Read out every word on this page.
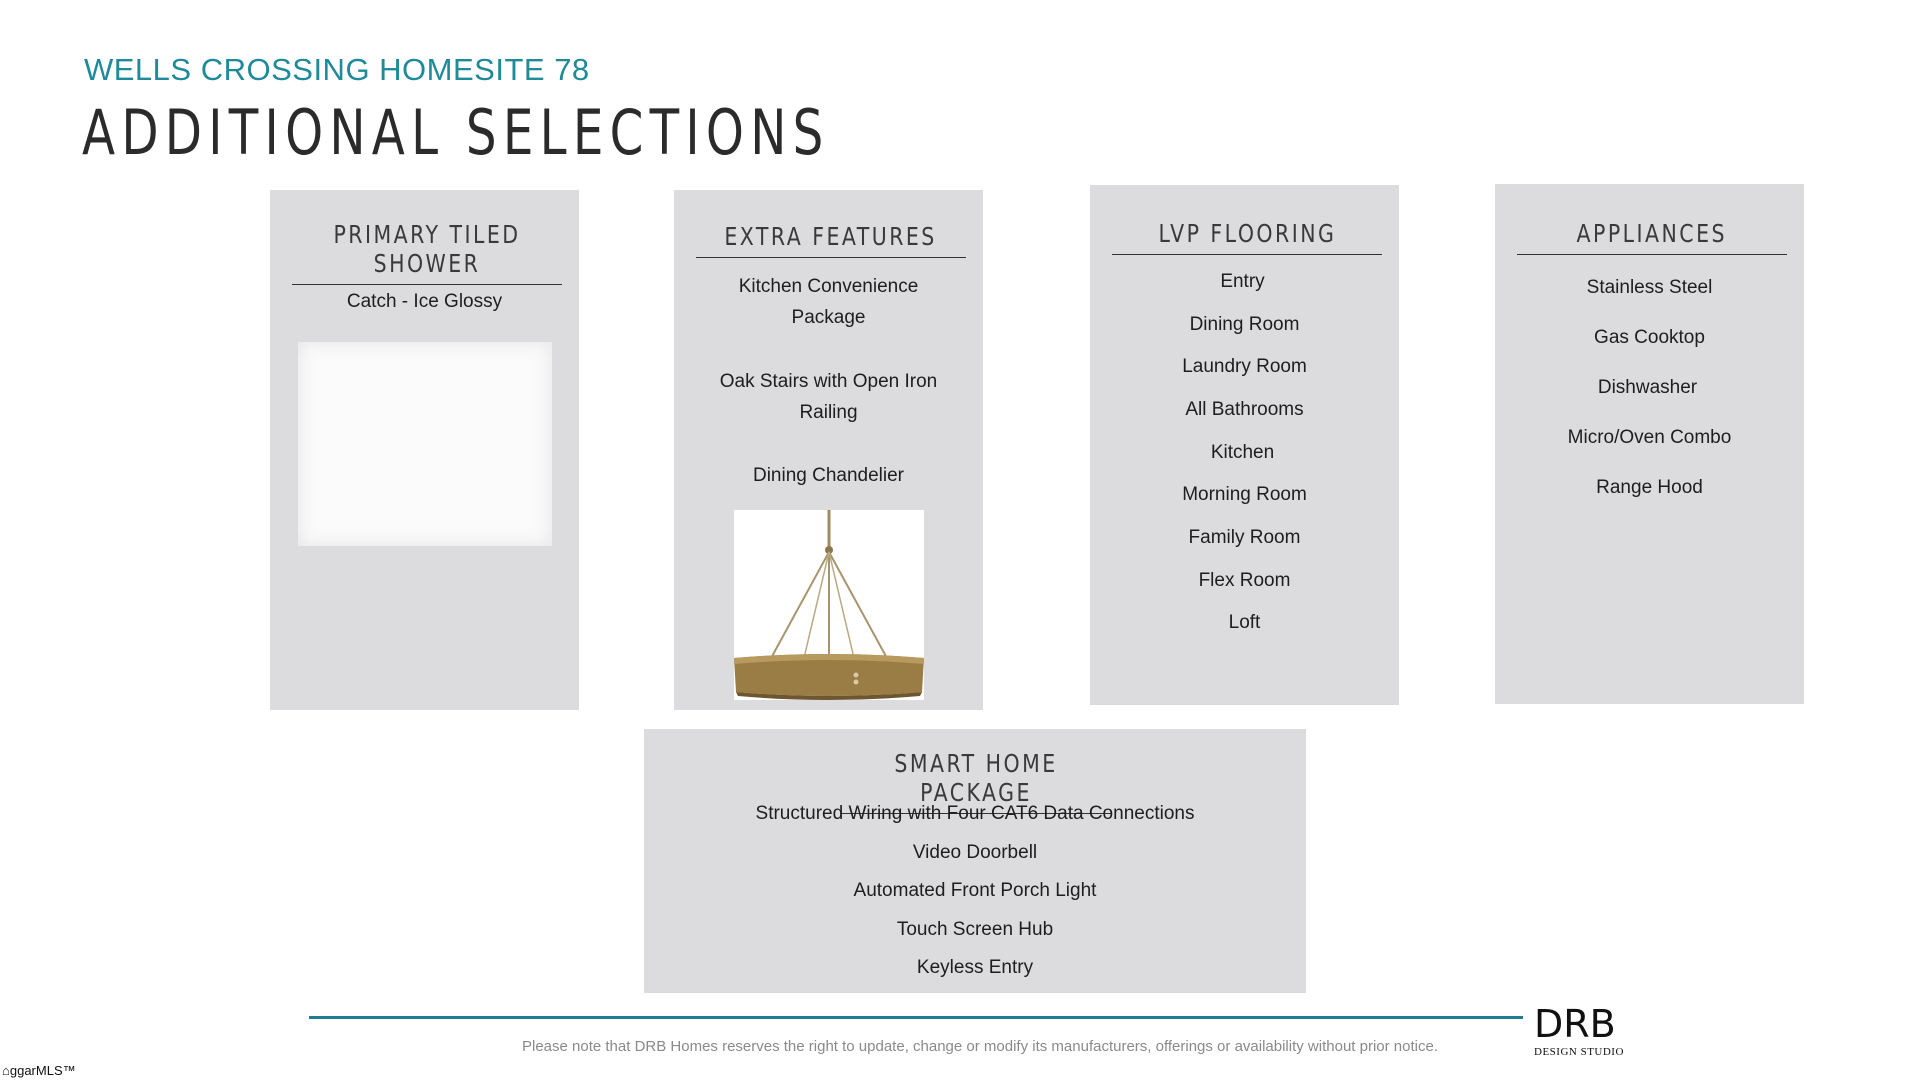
WELLS CROSSING HOMESITE 78
ADDITIONAL SELECTIONS
PRIMARY TILED SHOWER
Catch - Ice Glossy
EXTRA FEATURES
Kitchen Convenience
Package
Oak Stairs with Open Iron
Railing
Dining Chandelier
LVP FLOORING
Entry
Dining Room
Laundry Room
All Bathrooms
Kitchen
Morning Room
Family Room
Flex Room
Loft
APPLIANCES
Stainless Steel
Gas Cooktop
Dishwasher
Micro/Oven Combo
Range Hood
SMART HOME PACKAGE
Structured Wiring with Four CAT6 Data Connections
Video Doorbell
Automated Front Porch Light
Touch Screen Hub
Keyless Entry
Please note that DRB Homes reserves the right to update, change or modify its manufacturers, offerings or availability without prior notice.
DRB
DESIGN STUDIO
⌂ggarMLS™
